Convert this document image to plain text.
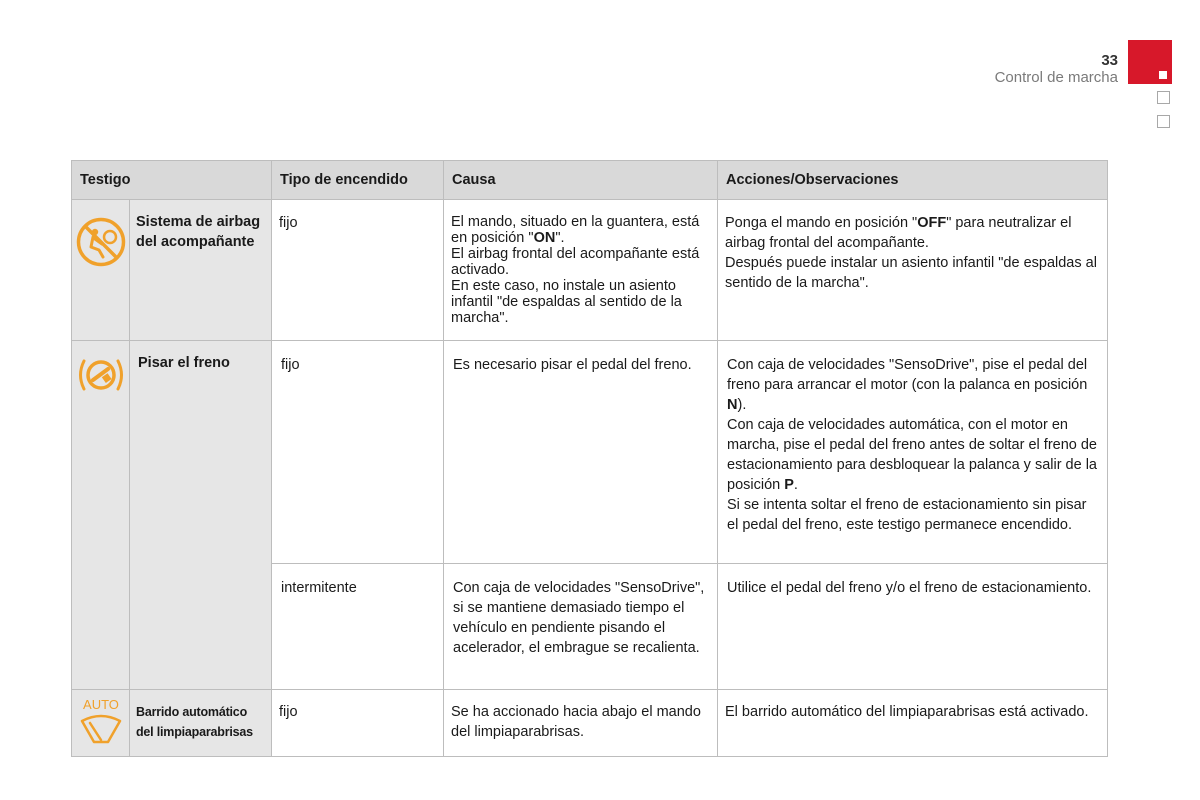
33
Control de marcha
Testigo		Tipo de encendido	Causa	Acciones/Observaciones

	Sistema de airbag del acompañante	fijo	El mando, situado en la guantera, está en posición "ON".
El airbag frontal del acompañante está activado.
En este caso, no instale un asiento infantil "de espaldas al sentido de la marcha".	Ponga el mando en posición "OFF" para neutralizar el airbag frontal del acompañante.
Después puede instalar un asiento infantil "de espaldas al sentido de la marcha".

	Pisar el freno	fijo	Es necesario pisar el pedal del freno.	Con caja de velocidades "SensoDrive", pise el pedal del freno para arrancar el motor (con la palanca en posición N).
Con caja de velocidades automática, con el motor en marcha, pise el pedal del freno antes de soltar el freno de estacionamiento para desbloquear la palanca y salir de la posición P.
Si se intenta soltar el freno de estacionamiento sin pisar el pedal del freno, este testigo permanece encendido.
		intermitente	Con caja de velocidades "SensoDrive", si se mantiene demasiado tiempo el vehículo en pendiente pisando el acelerador, el embrague se recalienta.	Utilice el pedal del freno y/o el freno de estacionamiento.

AUTO	Barrido automático
del limpiaparabrisas	fijo	Se ha accionado hacia abajo el mando del limpiaparabrisas.	El barrido automático del limpiaparabrisas está activado.
